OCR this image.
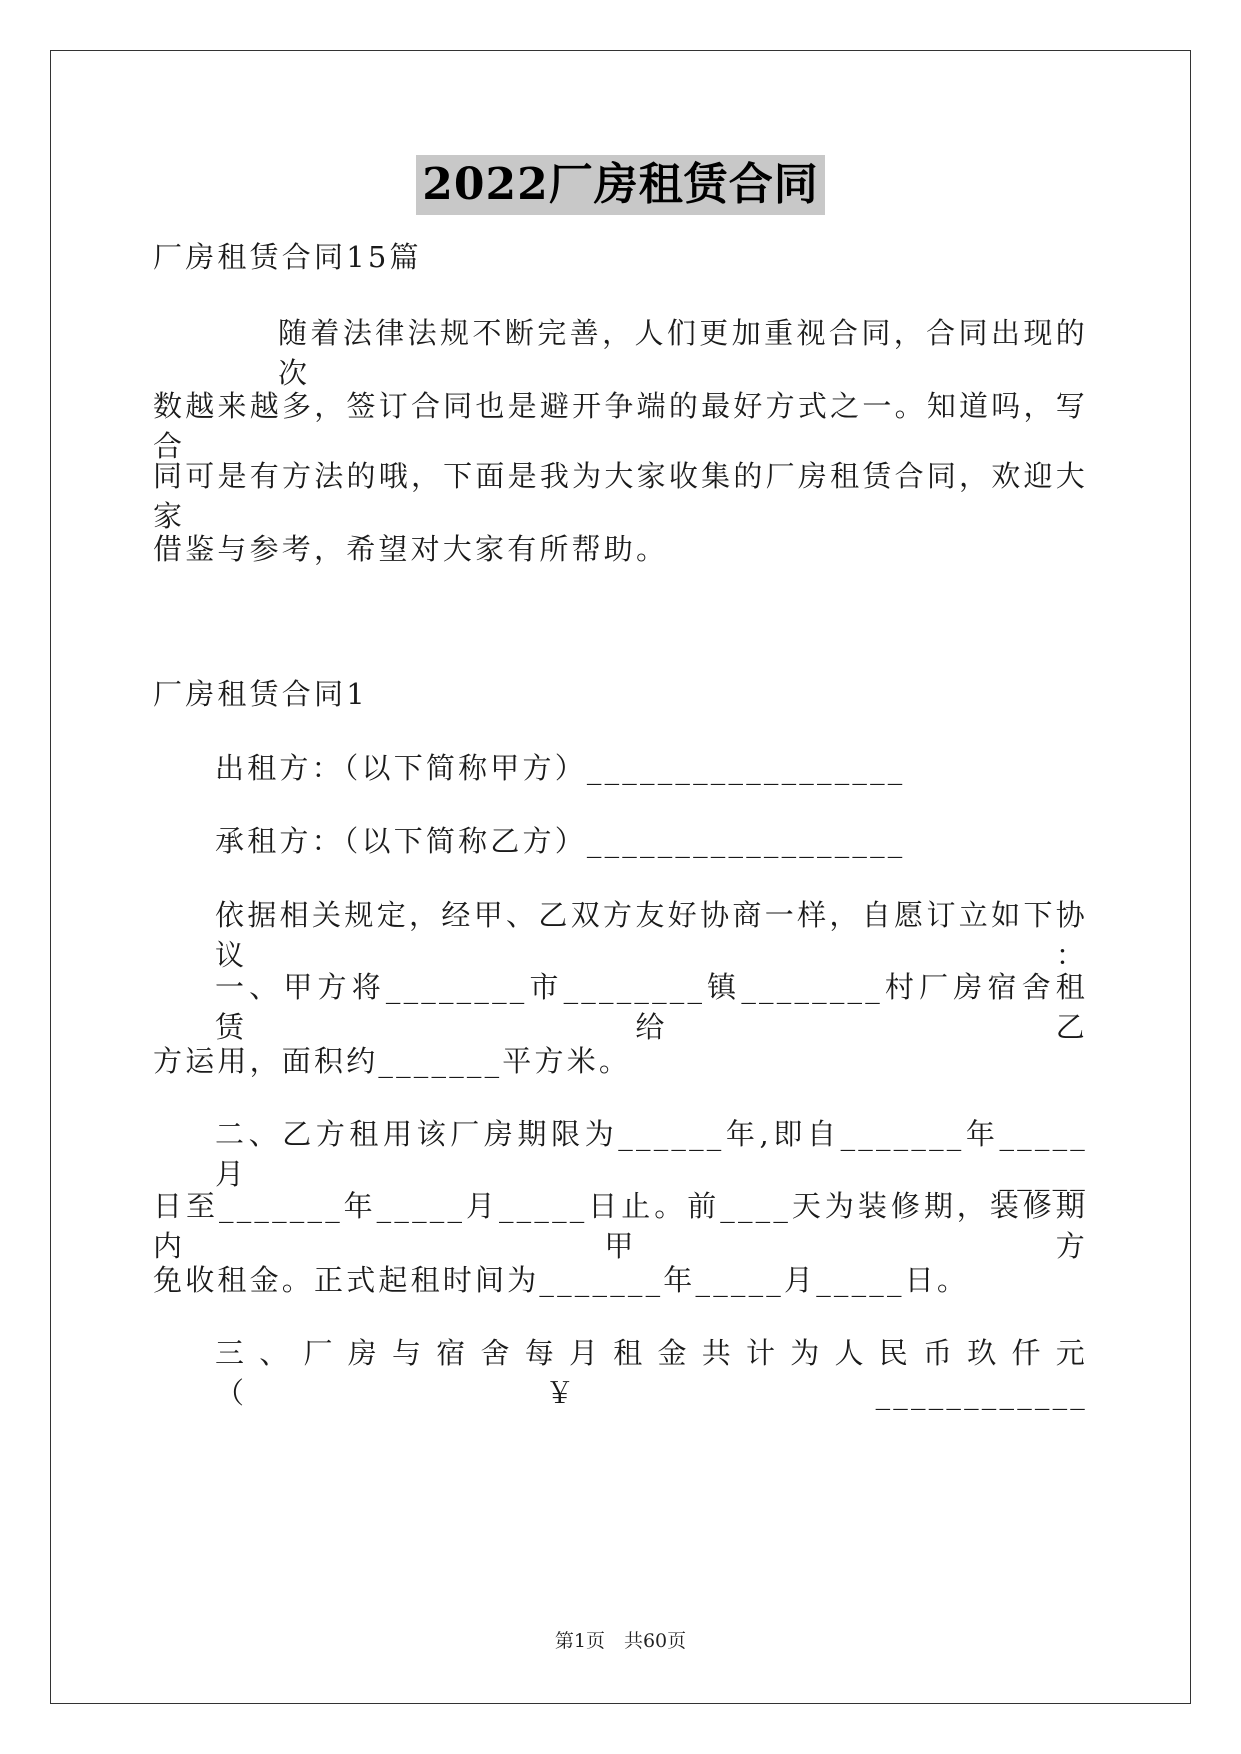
2022厂房租赁合同
厂房租赁合同15篇
随着法律法规不断完善，人们更加重视合同，合同出现的次
数越来越多，签订合同也是避开争端的最好方式之一。知道吗，写合
同可是有方法的哦，下面是我为大家收集的厂房租赁合同，欢迎大家
借鉴与参考，希望对大家有所帮助。
厂房租赁合同1
出租方：（以下简称甲方）__________________
承租方：（以下简称乙方）__________________
依据相关规定，经甲、乙双方友好协商一样，自愿订立如下协议：
一、甲方将________市________镇________村厂房宿舍租赁给乙
方运用，面积约_______平方米。
二、乙方租用该厂房期限为______年,即自_______年_____月_____
日至_______年_____月_____日止。前____天为装修期，装修期内甲方
免收租金。正式起租时间为_______年_____月_____日。
三、厂房与宿舍每月租金共计为人民币玖仟元（￥____________
第1页　共60页
